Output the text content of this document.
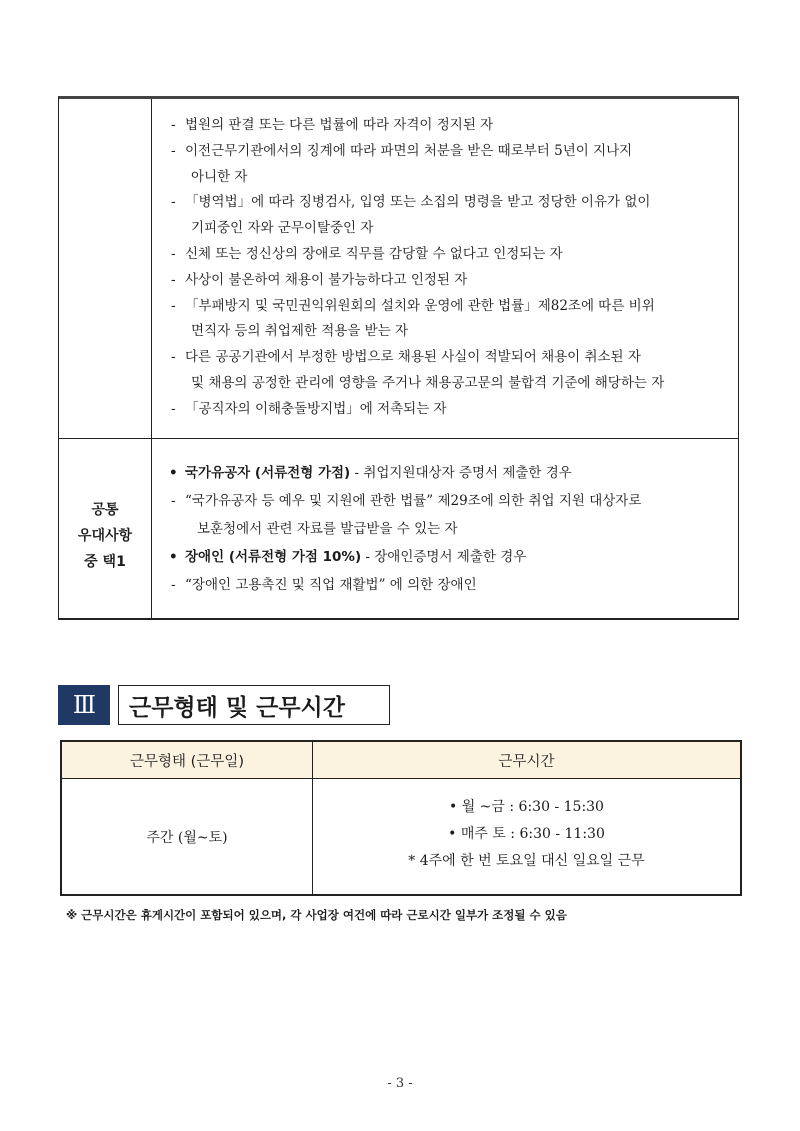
- 법원의 판결 또는 다른 법률에 따라 자격이 정지된 자
- 이전근무기관에서의 징계에 따라 파면의 처분을 받은 때로부터 5년이 지나지
아니한 자
- 「병역법」에 따라 징병검사, 입영 또는 소집의 명령을 받고 정당한 이유가 없이
기피중인 자와 군무이탈중인 자
- 신체 또는 정신상의 장애로 직무를 감당할 수 없다고 인정되는 자
- 사상이 불온하여 채용이 불가능하다고 인정된 자
- 「부패방지 및 국민권익위원회의 설치와 운영에 관한 법률」제82조에 따른 비위
면직자 등의 취업제한 적용을 받는 자
- 다른 공공기관에서 부정한 방법으로 채용된 사실이 적발되어 채용이 취소된 자
및 채용의 공정한 관리에 영향을 주거나 채용공고문의 불합격 기준에 해당하는 자
- 「공직자의 이해충돌방지법」에 저촉되는 자
공통
우대사항
중 택1
• 국가유공자 (서류전형 가점) - 취업지원대상자 증명서 제출한 경우
- “국가유공자 등 예우 및 지원에 관한 법률” 제29조에 의한 취업 지원 대상자로
보훈청에서 관련 자료를 발급받을 수 있는 자
• 장애인 (서류전형 가점 10%) - 장애인증명서 제출한 경우
- “장애인 고용촉진 및 직업 재활법” 에 의한 장애인
Ⅲ	근무형태 및 근무시간
근무형태 (근무일)	근무시간
주간 (월~토)
• 월 ~금 : 6:30 - 15:30
• 매주 토 : 6:30 - 11:30
* 4주에 한 번 토요일 대신 일요일 근무
※ 근무시간은 휴게시간이 포함되어 있으며, 각 사업장 여건에 따라 근로시간 일부가 조정될 수 있음
- 3 -
